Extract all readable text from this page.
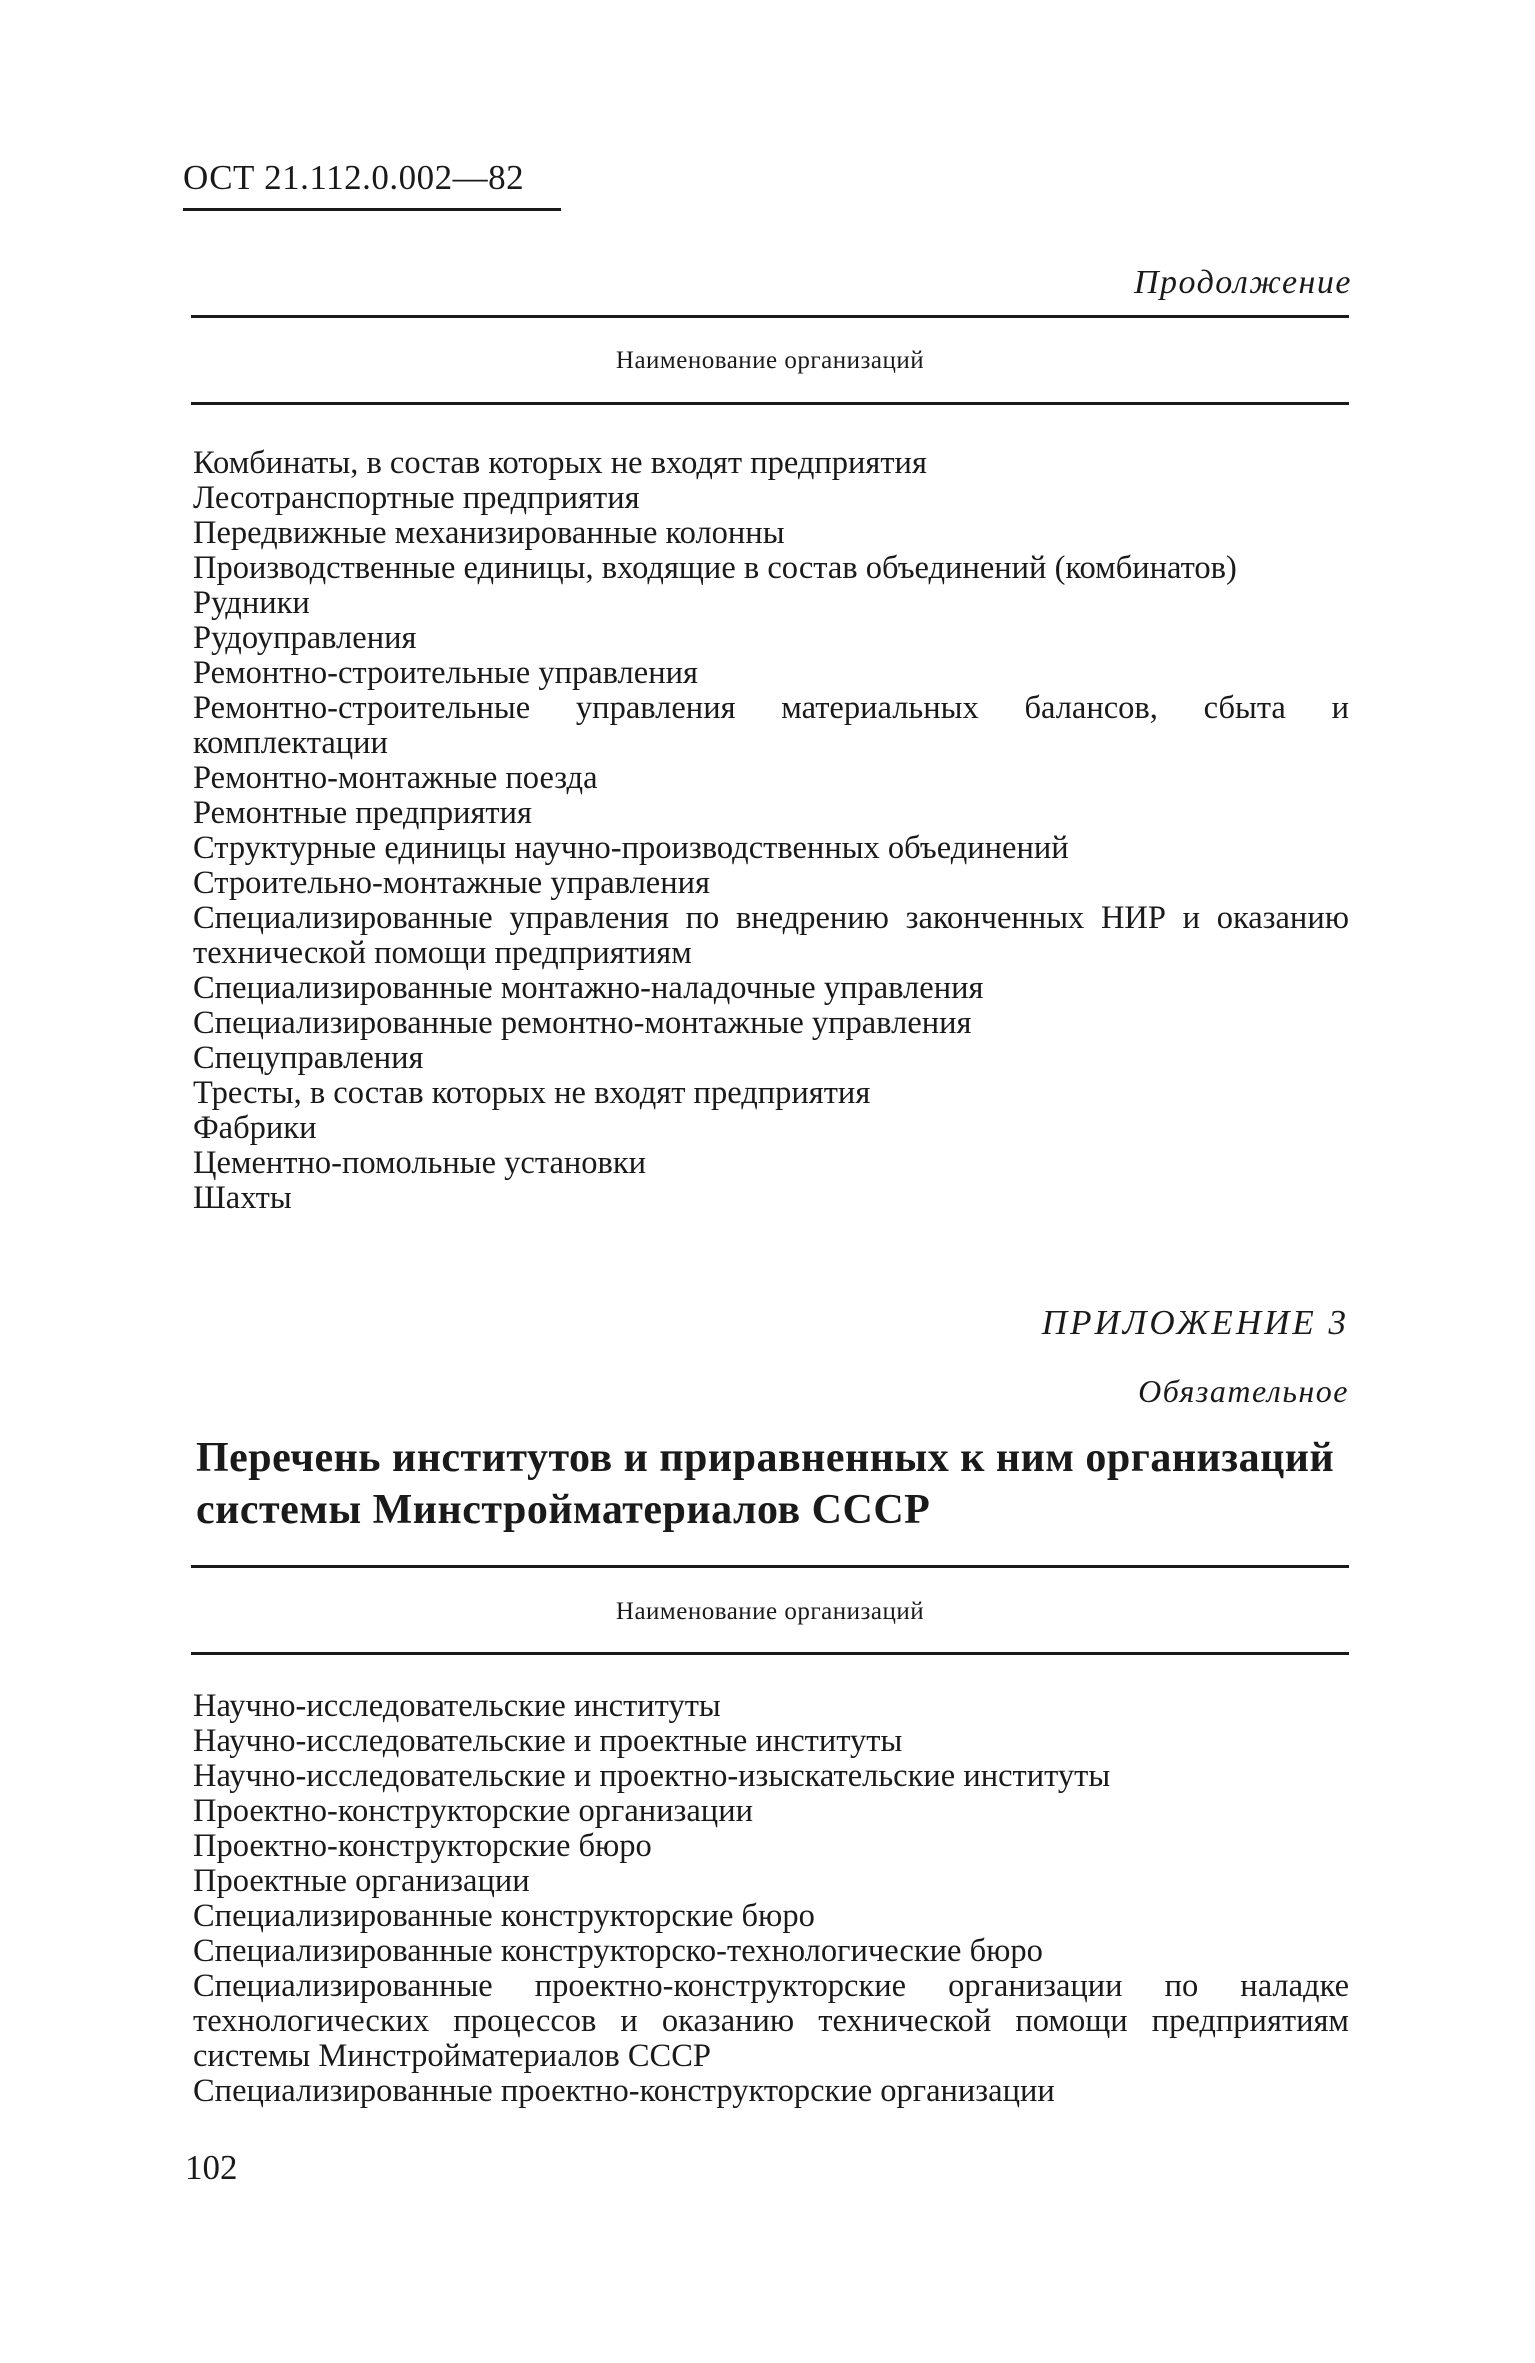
ОСТ 21.112.0.002—82
Продолжение
Наименование организаций
Комбинаты, в состав которых не входят предприятия
Лесотранспортные предприятия
Передвижные механизированные колонны
Производственные единицы, входящие в состав объединений (комбинатов)
Рудники
Рудоуправления
Ремонтно-строительные управления
Ремонтно-строительные управления материальных балансов, сбыта и комплектации
Ремонтно-монтажные поезда
Ремонтные предприятия
Структурные единицы научно-производственных объединений
Строительно-монтажные управления
Специализированные управления по внедрению законченных НИР и оказанию технической помощи предприятиям
Специализированные монтажно-наладочные управления
Специализированные ремонтно-монтажные управления
Спецуправления
Тресты, в состав которых не входят предприятия
Фабрики
Цементно-помольные установки
Шахты
ПРИЛОЖЕНИЕ 3
Обязательное
Перечень институтов и приравненных к ним организаций системы Минстройматериалов СССР
Наименование организаций
Научно-исследовательские институты
Научно-исследовательские и проектные институты
Научно-исследовательские и проектно-изыскательские институты
Проектно-конструкторские организации
Проектно-конструкторские бюро
Проектные организации
Специализированные конструкторские бюро
Специализированные конструкторско-технологические бюро
Специализированные проектно-конструкторские организации по наладке технологических процессов и оказанию технической помощи предприятиям системы Минстройматериалов СССР
Специализированные проектно-конструкторские организации
102
